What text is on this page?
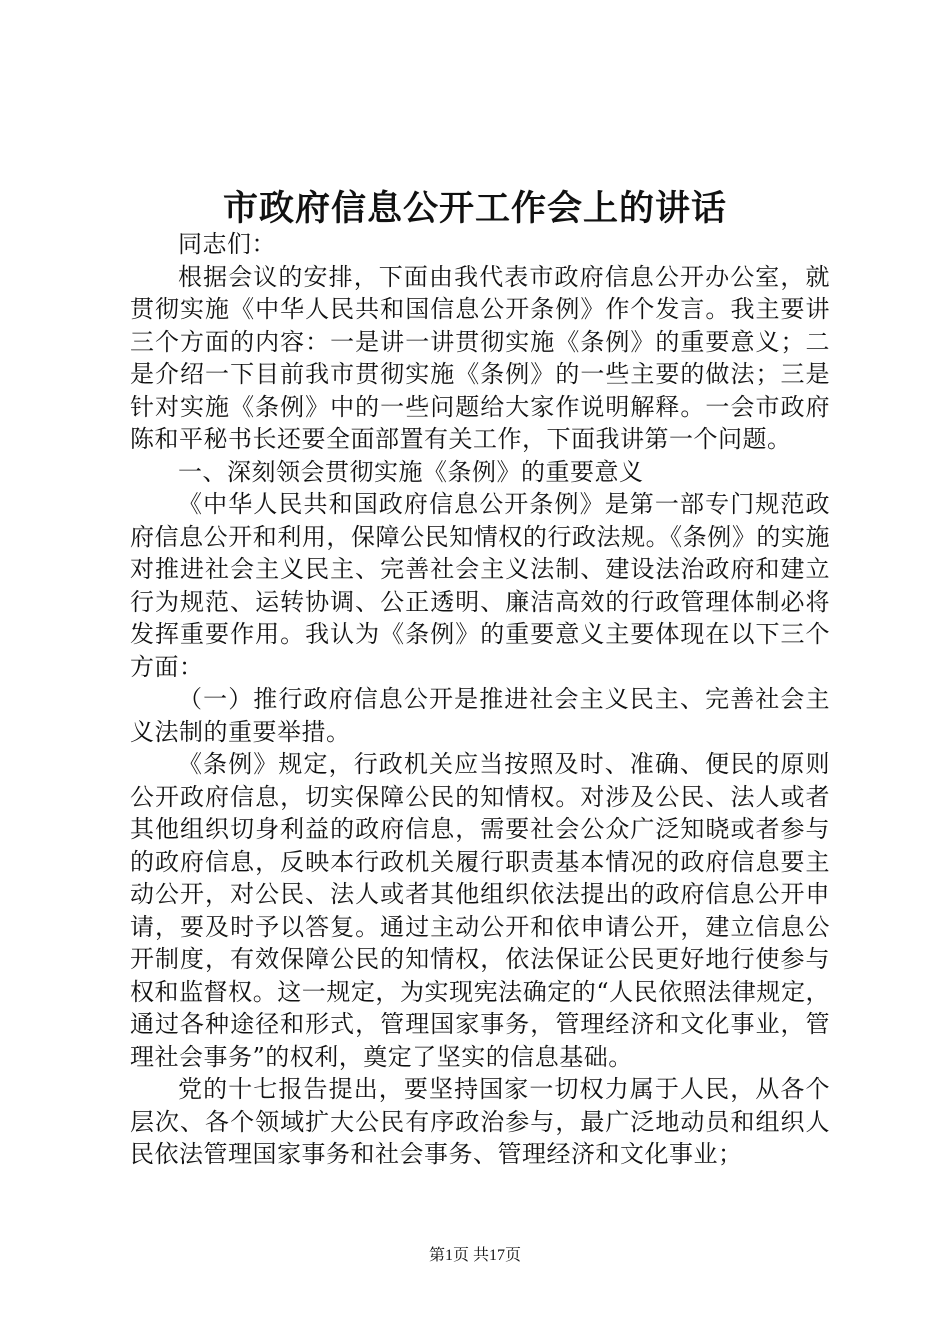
市政府信息公开工作会上的讲话

同志们：

根据会议的安排，下面由我代表市政府信息公开办公室，就贯彻实施《中华人民共和国信息公开条例》作个发言。我主要讲三个方面的内容：一是讲一讲贯彻实施《条例》的重要意义；二是介绍一下目前我市贯彻实施《条例》的一些主要的做法；三是针对实施《条例》中的一些问题给大家作说明解释。一会市政府陈和平秘书长还要全面部置有关工作，下面我讲第一个问题。

一、深刻领会贯彻实施《条例》的重要意义

《中华人民共和国政府信息公开条例》是第一部专门规范政府信息公开和利用，保障公民知情权的行政法规。《条例》的实施对推进社会主义民主、完善社会主义法制、建设法治政府和建立行为规范、运转协调、公正透明、廉洁高效的行政管理体制必将发挥重要作用。我认为《条例》的重要意义主要体现在以下三个方面：

（一）推行政府信息公开是推进社会主义民主、完善社会主义法制的重要举措。

《条例》规定，行政机关应当按照及时、准确、便民的原则公开政府信息，切实保障公民的知情权。对涉及公民、法人或者其他组织切身利益的政府信息，需要社会公众广泛知晓或者参与的政府信息，反映本行政机关履行职责基本情况的政府信息要主动公开，对公民、法人或者其他组织依法提出的政府信息公开申请，要及时予以答复。通过主动公开和依申请公开，建立信息公开制度，有效保障公民的知情权，依法保证公民更好地行使参与权和监督权。这一规定，为实现宪法确定的“人民依照法律规定，通过各种途径和形式，管理国家事务，管理经济和文化事业，管理社会事务”的权利，奠定了坚实的信息基础。

党的十七报告提出，要坚持国家一切权力属于人民，从各个层次、各个领域扩大公民有序政治参与，最广泛地动员和组织人民依法管理国家事务和社会事务、管理经济和文化事业；

第1页 共17页
